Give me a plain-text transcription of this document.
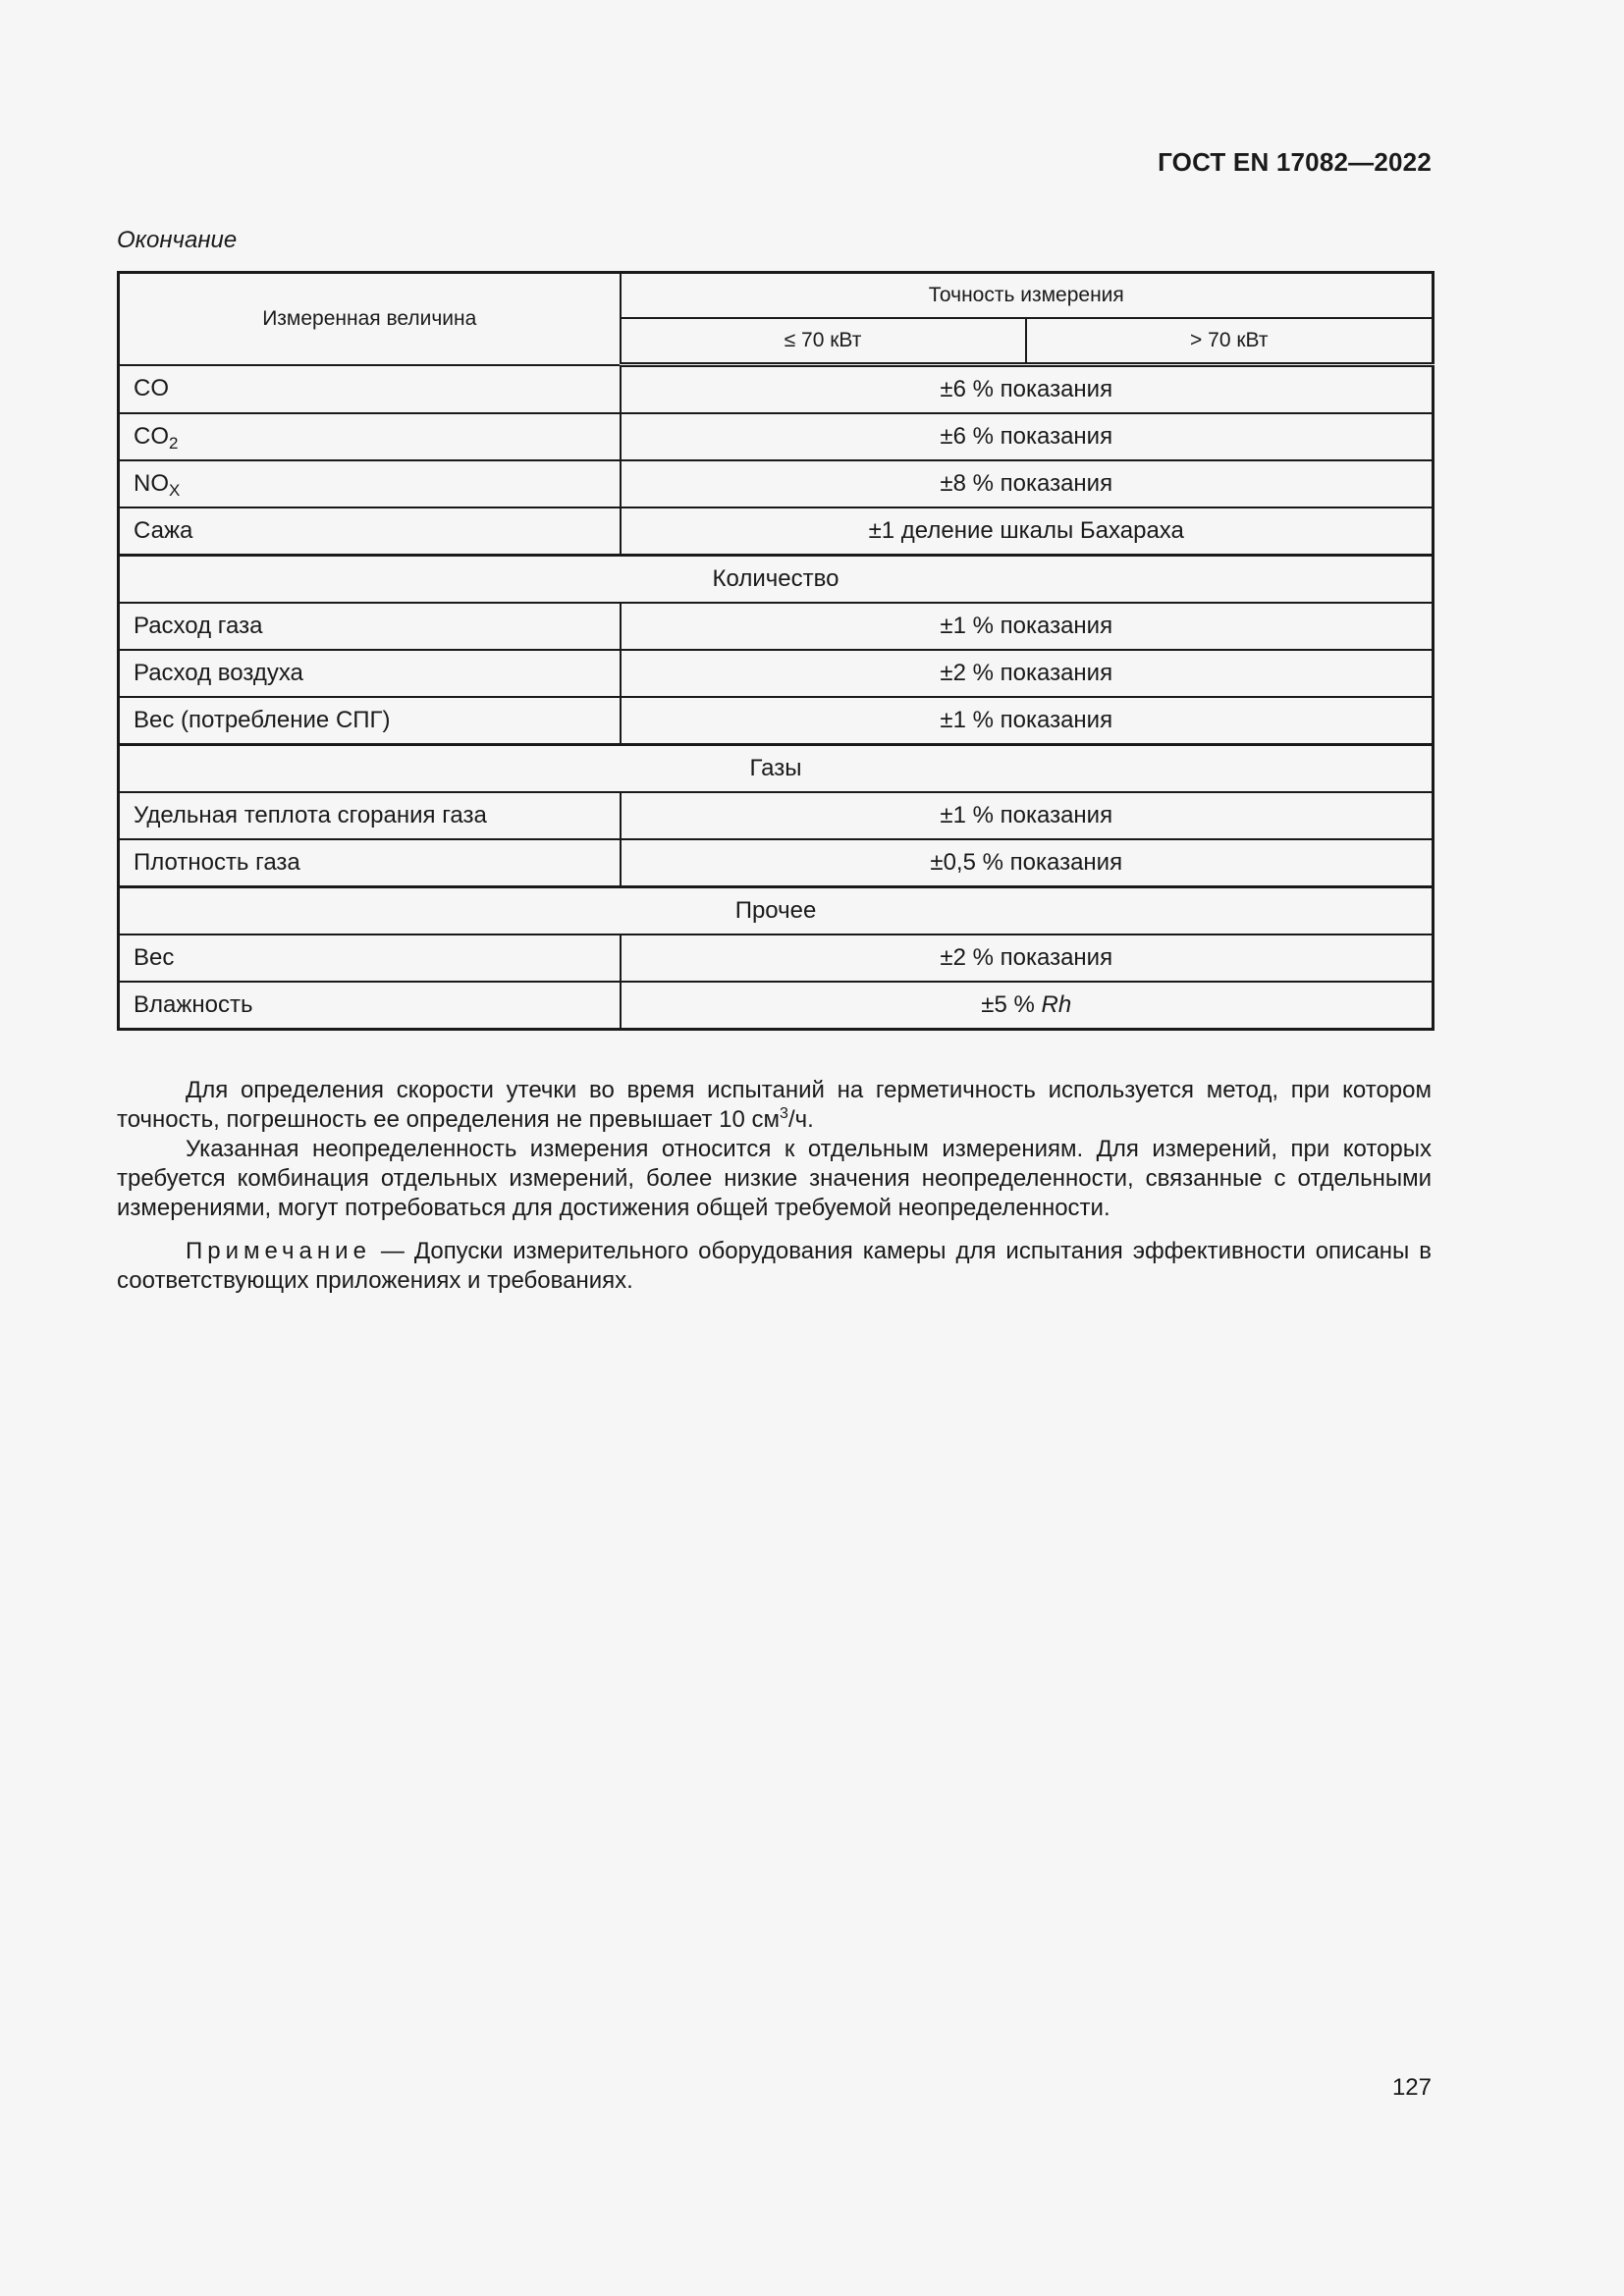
ГОСТ EN 17082—2022
Окончание
Измеренная величина	Точность измерения	
	≤ 70 кВт	> 70 кВт
CO	±6 % показания	
$CO_2$	±6 % показания	
$NO_X$	±8 % показания	
Сажа	±1 деление шкалы Бахараха	
Количество		
Расход газа	±1 % показания	
Расход воздуха	±2 % показания	
Вес (потребление СПГ)	±1 % показания	
Газы		
Удельная теплота сгорания газа	±1 % показания	
Плотность газа	±0,5 % показания	
Прочее		
Вес	±2 % показания	
Влажность	±5 % Rh	

Для определения скорости утечки во время испытаний на герметичность используется метод, при котором точность, погрешность ее определения не превышает 10 $см^3/ч$.

Указанная неопределенность измерения относится к отдельным измерениям. Для измерений, при которых требуется комбинация отдельных измерений, более низкие значения неопределенности, связанные с отдельными измерениями, могут потребоваться для достижения общей требуемой неопределенности.

Примечание — Допуски измерительного оборудования камеры для испытания эффективности описаны в соответствующих приложениях и требованиях.

127
